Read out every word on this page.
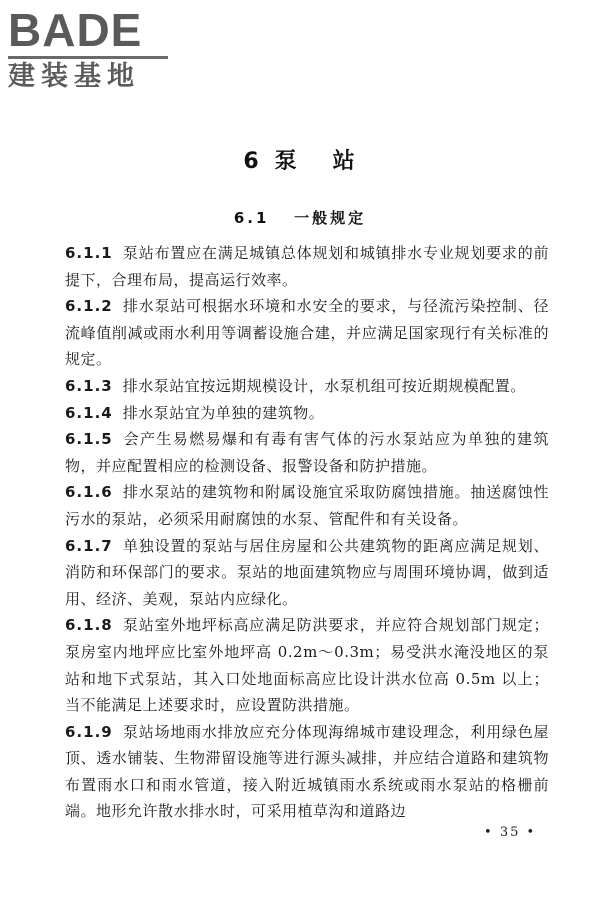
BADE
建装基地
6 泵 站
6.1 一般规定

6.1.1 泵站布置应在满足城镇总体规划和城镇排水专业规划要求的前提下，合理布局，提高运行效率。

6.1.2 排水泵站可根据水环境和水安全的要求，与径流污染控制、径流峰值削减或雨水利用等调蓄设施合建，并应满足国家现行有关标准的规定。

6.1.3 排水泵站宜按远期规模设计，水泵机组可按近期规模配置。

6.1.4 排水泵站宜为单独的建筑物。

6.1.5 会产生易燃易爆和有毒有害气体的污水泵站应为单独的建筑物，并应配置相应的检测设备、报警设备和防护措施。

6.1.6 排水泵站的建筑物和附属设施宜采取防腐蚀措施。抽送腐蚀性污水的泵站，必须采用耐腐蚀的水泵、管配件和有关设备。

6.1.7 单独设置的泵站与居住房屋和公共建筑物的距离应满足规划、消防和环保部门的要求。泵站的地面建筑物应与周围环境协调，做到适用、经济、美观，泵站内应绿化。

6.1.8 泵站室外地坪标高应满足防洪要求，并应符合规划部门规定；泵房室内地坪应比室外地坪高 0.2m～0.3m；易受洪水淹没地区的泵站和地下式泵站，其入口处地面标高应比设计洪水位高 0.5m 以上；当不能满足上述要求时，应设置防洪措施。

6.1.9 泵站场地雨水排放应充分体现海绵城市建设理念，利用绿色屋顶、透水铺装、生物滞留设施等进行源头减排，并应结合道路和建筑物布置雨水口和雨水管道，接入附近城镇雨水系统或雨水泵站的格栅前端。地形允许散水排水时，可采用植草沟和道路边

• 35 •
